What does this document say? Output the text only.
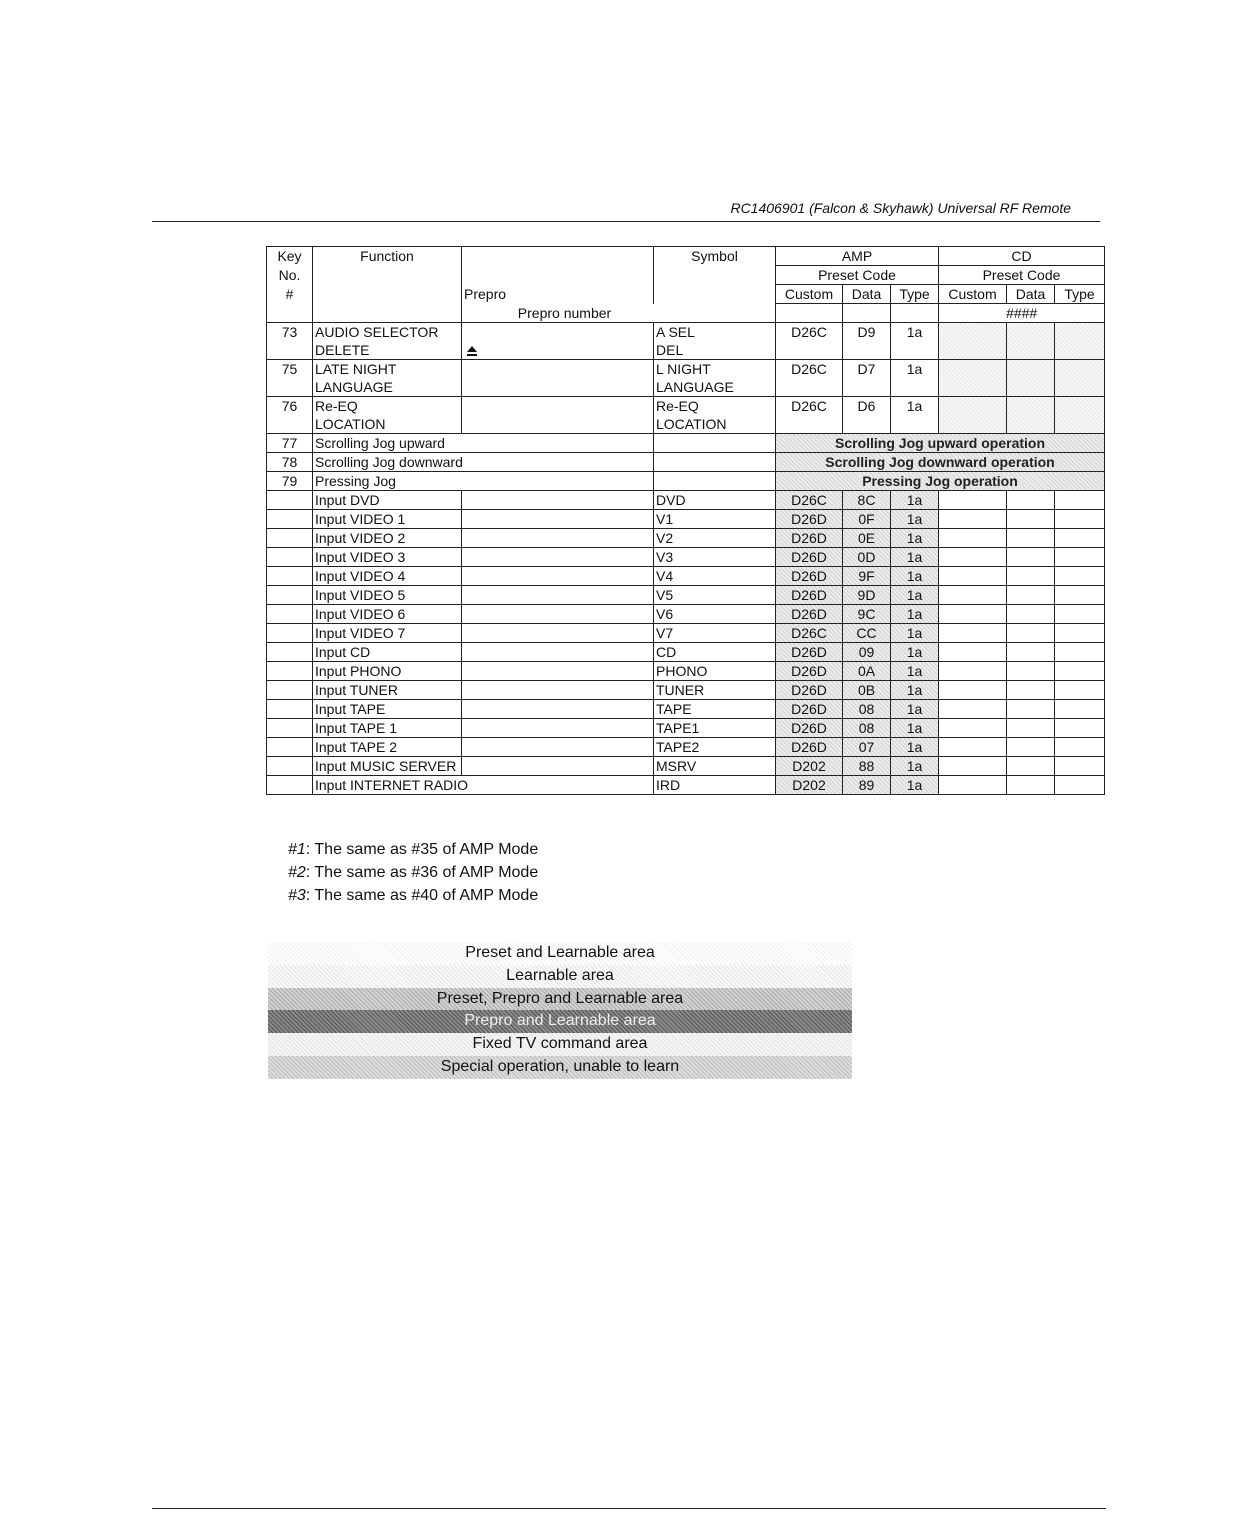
RC1406901 (Falcon & Skyhawk) Universal RF Remote
Key	Function		Symbol	AMP			CD		
No.				Preset Code			Preset Code		
#		Prepro		Custom	Data	Type	Custom	Data	Type
		Prepro number					####		
73	AUDIO SELECTOR		A SEL	D26C	D9	1a			
	DELETE		DEL						
75	LATE NIGHT		L NIGHT	D26C	D7	1a			
	LANGUAGE		LANGUAGE						
76	Re-EQ		Re-EQ	D26C	D6	1a			
	LOCATION		LOCATION						
77	Scrolling Jog upward			Scrolling Jog upward operation					
78	Scrolling Jog downward			Scrolling Jog downward operation					
79	Pressing Jog			Pressing Jog operation					
	Input DVD		DVD	D26C	8C	1a			
	Input VIDEO 1		V1	D26D	0F	1a			
	Input VIDEO 2		V2	D26D	0E	1a			
	Input VIDEO 3		V3	D26D	0D	1a			
	Input VIDEO 4		V4	D26D	9F	1a			
	Input VIDEO 5		V5	D26D	9D	1a			
	Input VIDEO 6		V6	D26D	9C	1a			
	Input VIDEO 7		V7	D26C	CC	1a			
	Input CD		CD	D26D	09	1a			
	Input PHONO		PHONO	D26D	0A	1a			
	Input TUNER		TUNER	D26D	0B	1a			
	Input TAPE		TAPE	D26D	08	1a			
	Input TAPE 1		TAPE1	D26D	08	1a			
	Input TAPE 2		TAPE2	D26D	07	1a			
	Input MUSIC SERVER		MSRV	D202	88	1a			
	Input INTERNET RADIO		IRD	D202	89	1a			
#1: The same as #35 of AMP Mode
#2: The same as #36 of AMP Mode
#3: The same as #40 of AMP Mode
Preset and Learnable area
Learnable area
Preset, Prepro and Learnable area
Prepro and Learnable area
Fixed TV command area
Special operation, unable to learn
